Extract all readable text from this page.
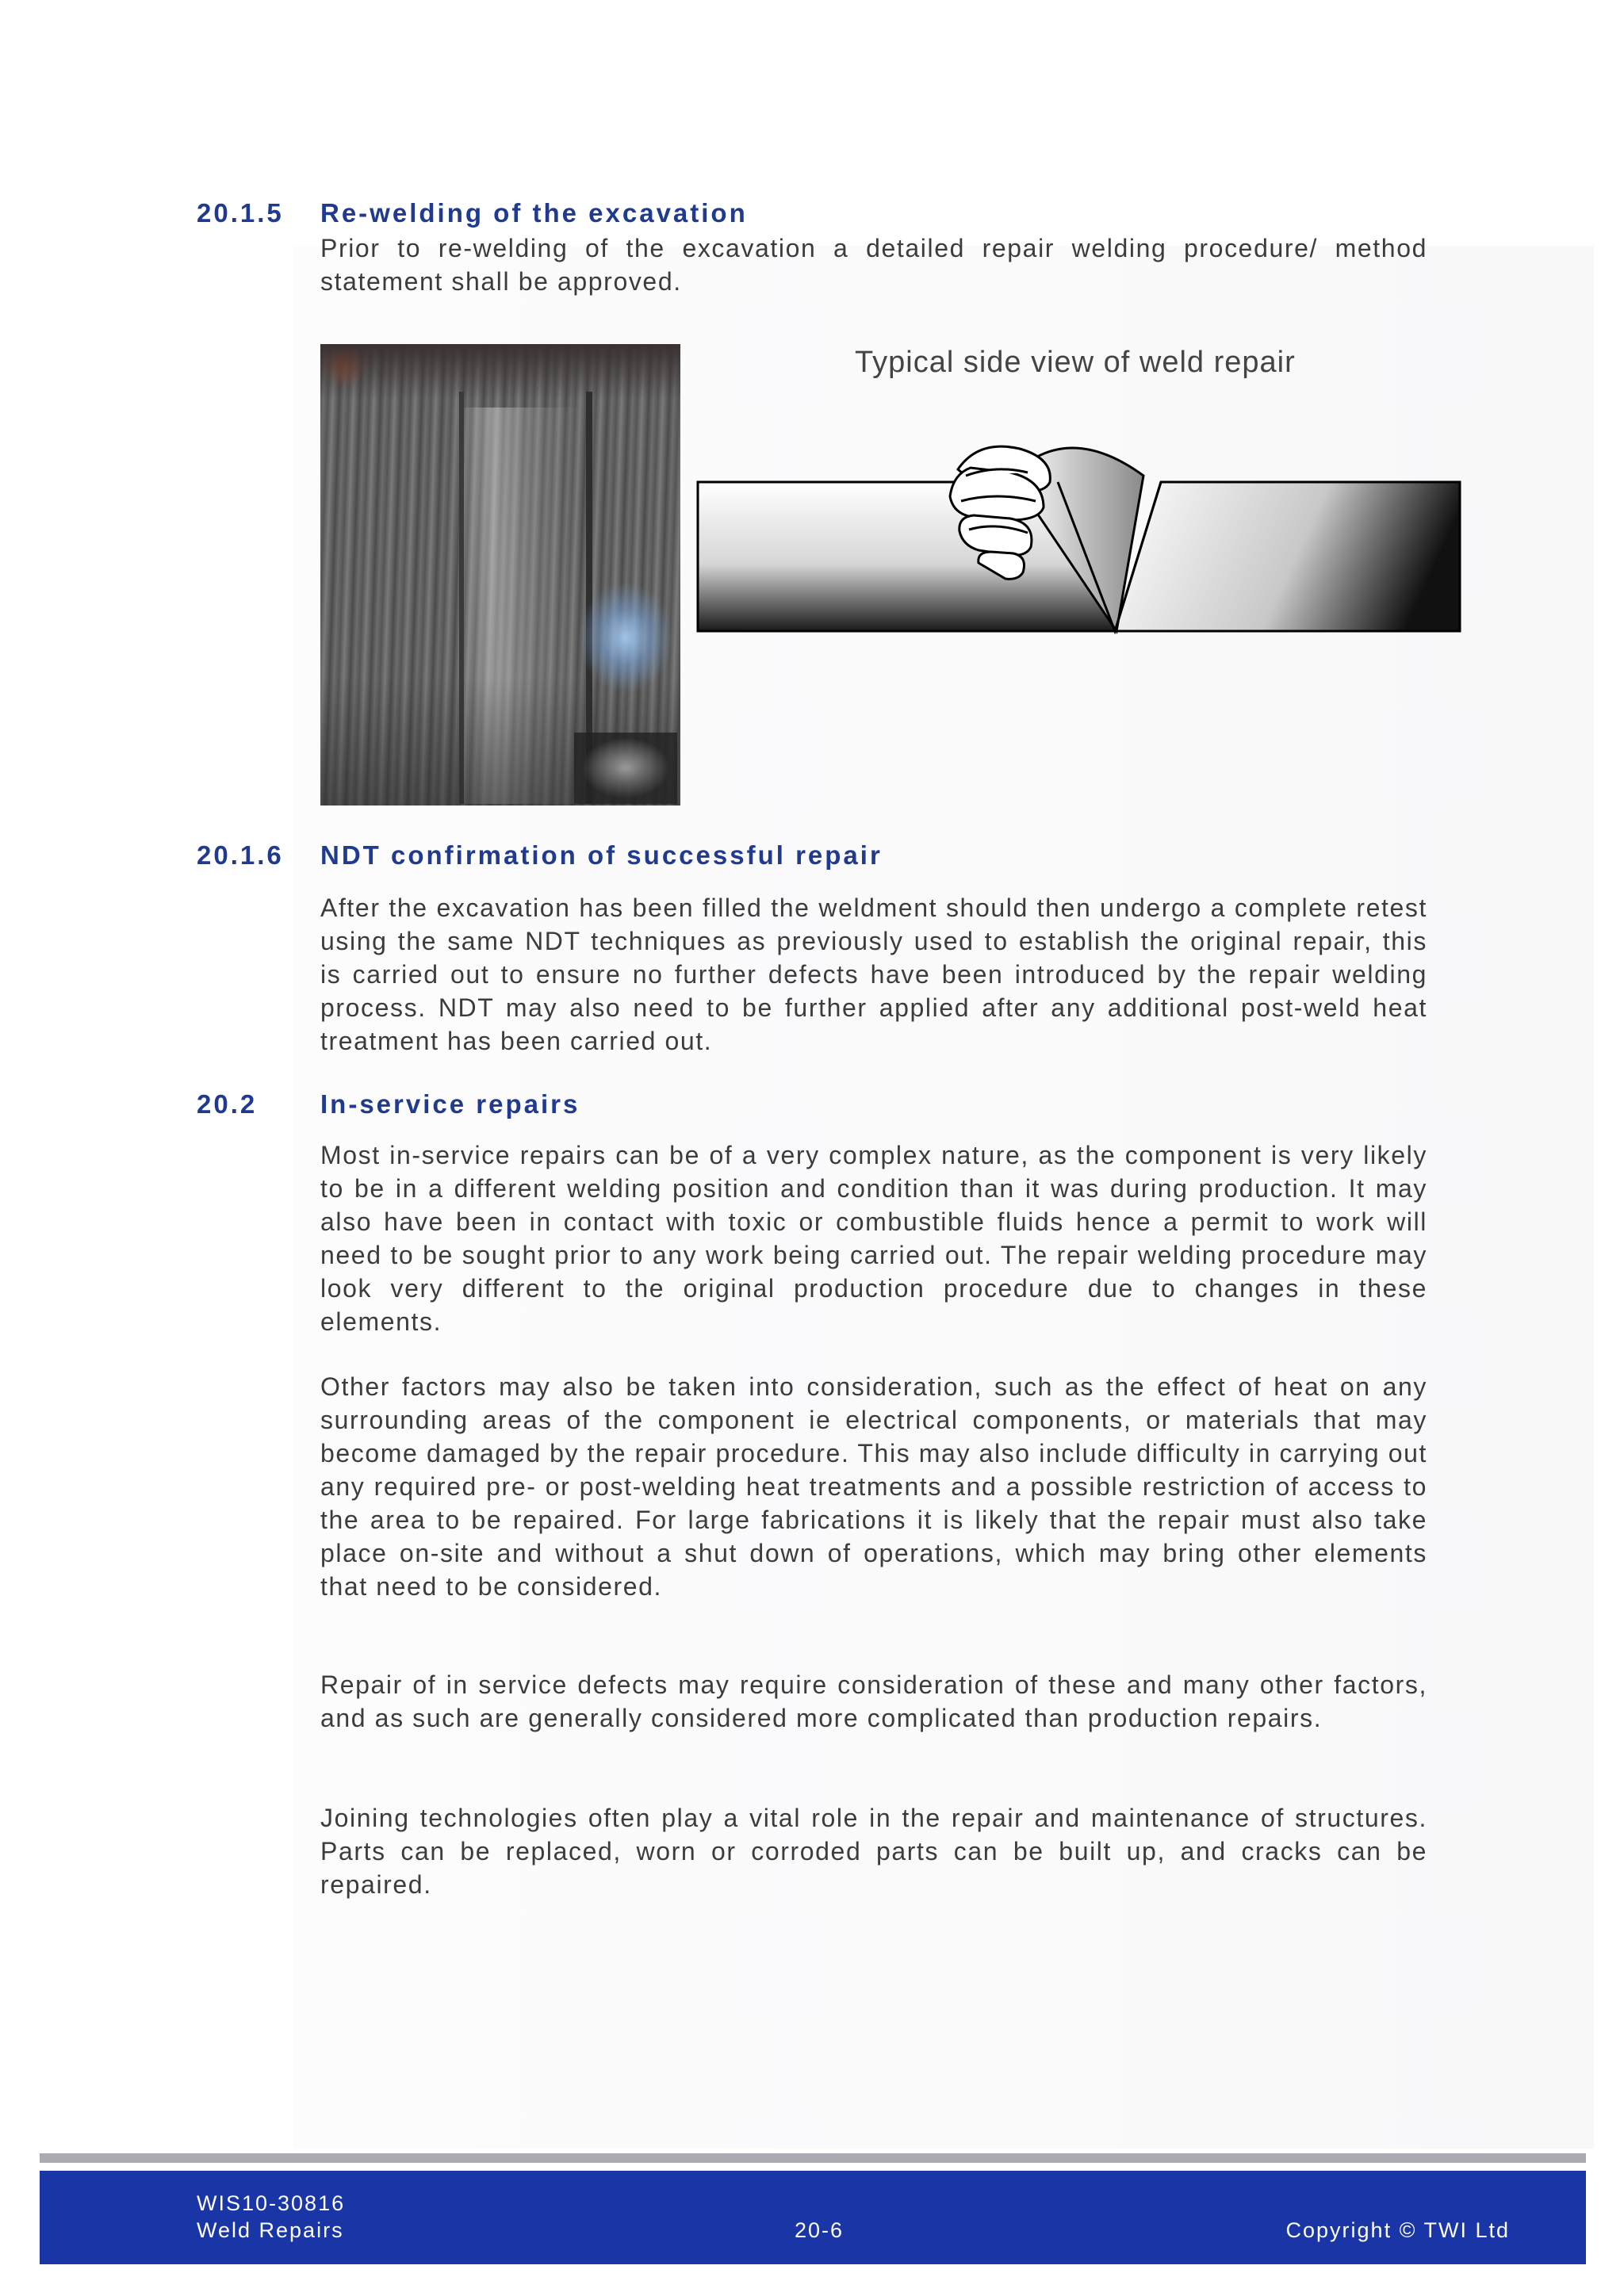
20.1.5 Re-welding of the excavation

Prior to re-welding of the excavation a detailed repair welding procedure/ method statement shall be approved.

Typical side view of weld repair
20.1.6 NDT confirmation of successful repair

After the excavation has been filled the weldment should then undergo a complete retest using the same NDT techniques as previously used to establish the original repair, this is carried out to ensure no further defects have been introduced by the repair welding process. NDT may also need to be further applied after any additional post-weld heat treatment has been carried out.

20.2 In-service repairs

Most in-service repairs can be of a very complex nature, as the component is very likely to be in a different welding position and condition than it was during production. It may also have been in contact with toxic or combustible fluids hence a permit to work will need to be sought prior to any work being carried out. The repair welding procedure may look very different to the original production procedure due to changes in these elements.

Other factors may also be taken into consideration, such as the effect of heat on any surrounding areas of the component ie electrical components, or materials that may become damaged by the repair procedure. This may also include difficulty in carrying out any required pre- or post-welding heat treatments and a possible restriction of access to the area to be repaired. For large fabrications it is likely that the repair must also take place on-site and without a shut down of operations, which may bring other elements that need to be considered.

Repair of in service defects may require consideration of these and many other factors, and as such are generally considered more complicated than production repairs.

Joining technologies often play a vital role in the repair and maintenance of structures. Parts can be replaced, worn or corroded parts can be built up, and cracks can be repaired.

WIS10-30816
Weld Repairs	20-6	Copyright © TWI Ltd
